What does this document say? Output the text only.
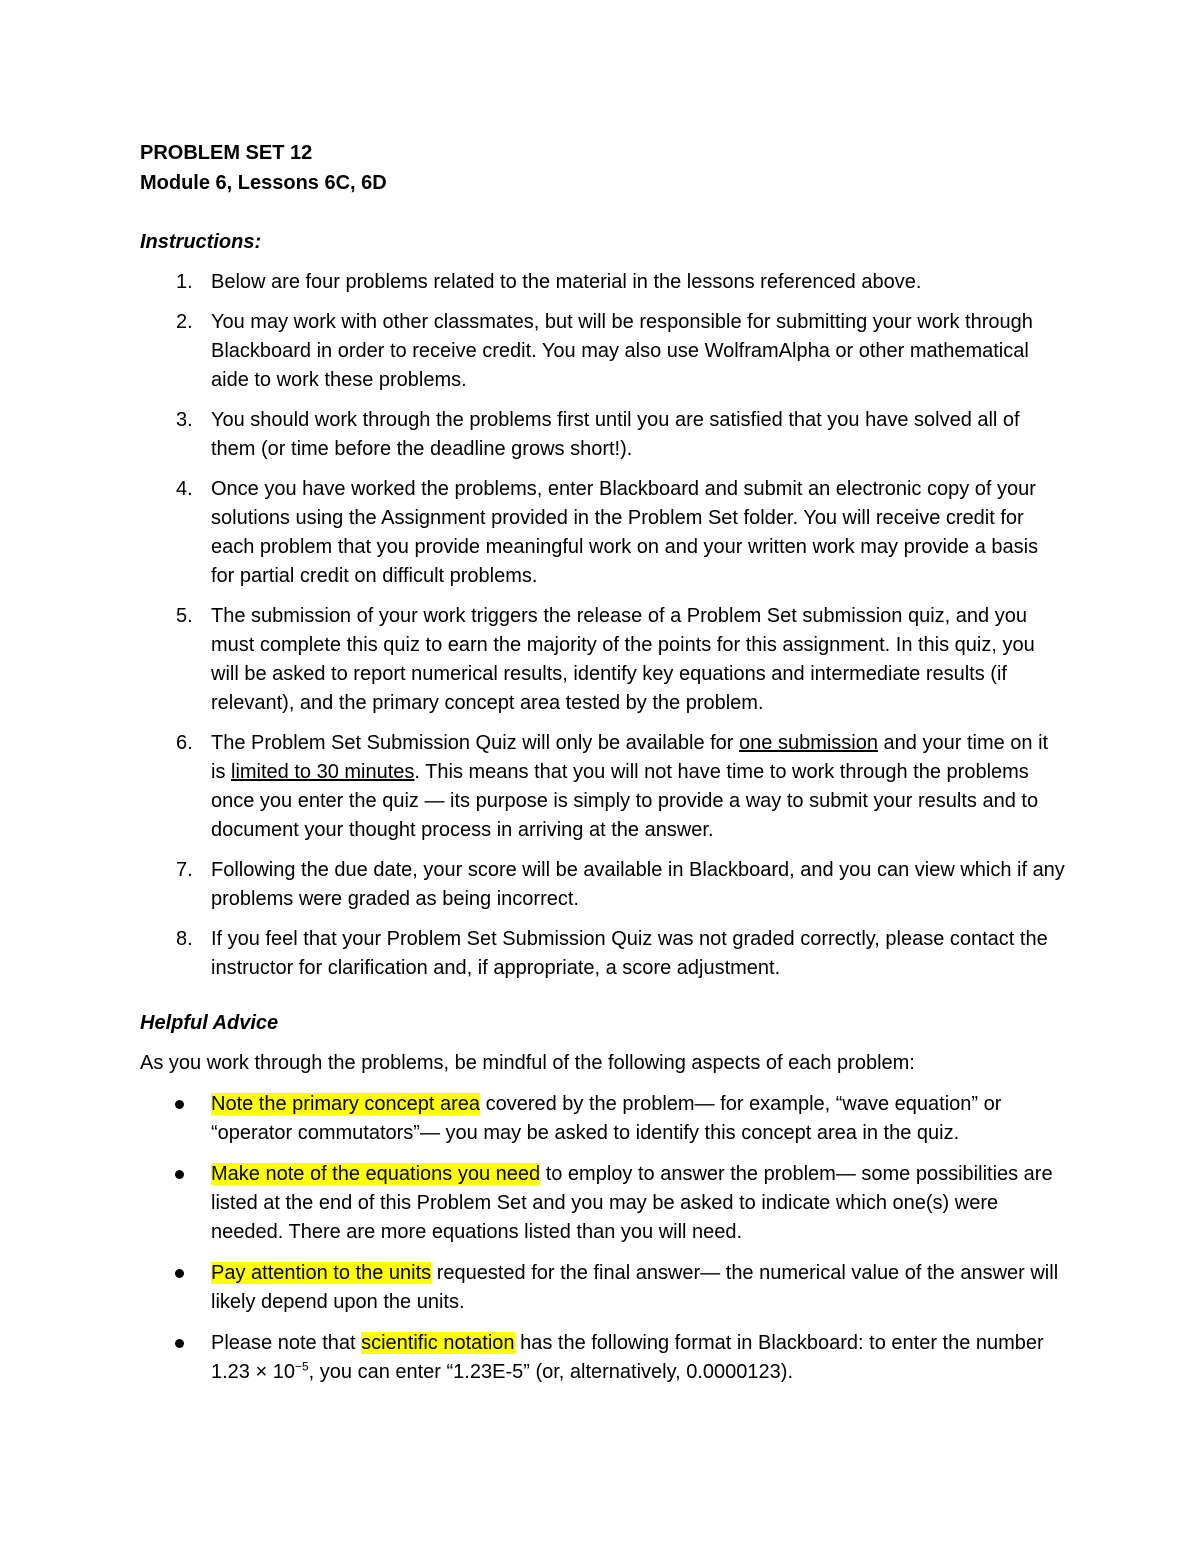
PROBLEM SET 12
Module 6, Lessons 6C, 6D
Instructions:
1. Below are four problems related to the material in the lessons referenced above.
2. You may work with other classmates, but will be responsible for submitting your work through Blackboard in order to receive credit. You may also use WolframAlpha or other mathematical aide to work these problems.
3. You should work through the problems first until you are satisfied that you have solved all of them (or time before the deadline grows short!).
4. Once you have worked the problems, enter Blackboard and submit an electronic copy of your solutions using the Assignment provided in the Problem Set folder. You will receive credit for each problem that you provide meaningful work on and your written work may provide a basis for partial credit on difficult problems.
5. The submission of your work triggers the release of a Problem Set submission quiz, and you must complete this quiz to earn the majority of the points for this assignment. In this quiz, you will be asked to report numerical results, identify key equations and intermediate results (if relevant), and the primary concept area tested by the problem.
6. The Problem Set Submission Quiz will only be available for one submission and your time on it is limited to 30 minutes. This means that you will not have time to work through the problems once you enter the quiz — its purpose is simply to provide a way to submit your results and to document your thought process in arriving at the answer.
7. Following the due date, your score will be available in Blackboard, and you can view which if any problems were graded as being incorrect.
8. If you feel that your Problem Set Submission Quiz was not graded correctly, please contact the instructor for clarification and, if appropriate, a score adjustment.
Helpful Advice
As you work through the problems, be mindful of the following aspects of each problem:
Note the primary concept area covered by the problem— for example, “wave equation” or “operator commutators”— you may be asked to identify this concept area in the quiz.
Make note of the equations you need to employ to answer the problem— some possibilities are listed at the end of this Problem Set and you may be asked to indicate which one(s) were needed. There are more equations listed than you will need.
Pay attention to the units requested for the final answer— the numerical value of the answer will likely depend upon the units.
Please note that scientific notation has the following format in Blackboard: to enter the number $1.23 \times 10^{-5}$, you can enter “1.23E-5” (or, alternatively, 0.0000123).
